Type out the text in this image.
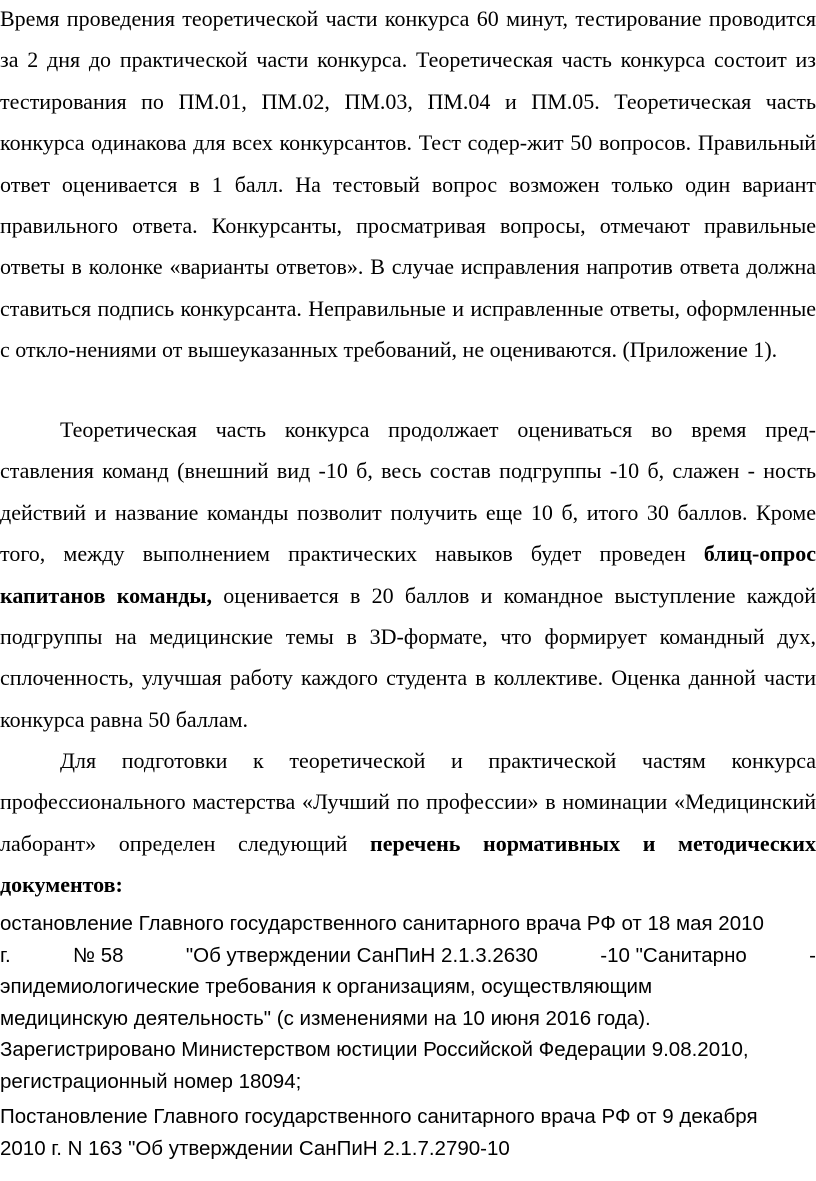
Время проведения теоретической части конкурса 60 минут, тестирование проводится за 2 дня до практической части конкурса. Теоретическая часть конкурса состоит из тестирования по ПМ.01, ПМ.02, ПМ.03, ПМ.04 и ПМ.05. Теоретическая часть конкурса одинакова для всех конкурсантов. Тест содер-жит 50 вопросов. Правильный ответ оценивается в 1 балл. На тестовый вопрос возможен только один вариант правильного ответа. Конкурсанты, просматривая вопросы, отмечают правильные ответы в колонке «варианты ответов». В случае исправления напротив ответа должна ставиться подпись конкурсанта. Неправильные и исправленные ответы, оформленные с откло-нениями от вышеуказанных требований, не оцениваются. (Приложение 1).

Теоретическая часть конкурса продолжает оцениваться во время пред-ставления команд (внешний вид -10 б, весь состав подгруппы -10 б, слажен - ность действий и название команды позволит получить еще 10 б, итого 30 баллов. Кроме того, между выполнением практических навыков будет проведен блиц-опрос капитанов команды, оценивается в 20 баллов и командное выступление каждой подгруппы на медицинские темы в 3D-формате, что формирует командный дух, сплоченность, улучшая работу каждого студента в коллективе. Оценка данной части конкурса равна 50 баллам.

Для подготовки к теоретической и практической частям конкурса профессионального мастерства «Лучший по профессии» в номинации «Медицинский лаборант» определен следующий перечень нормативных и методических документов:

остановление Главного государственного санитарного врача РФ от 18 мая 2010
г.	№ 58	"Об утверждении СанПиН 2.1.3.2630	-10 "Санитарно	-
эпидемиологические требования к организациям, осуществляющим
медицинскую деятельность" (с изменениями на 10 июня 2016 года).
Зарегистрировано Министерством юстиции Российской Федерации 9.08.2010,
регистрационный номер 18094;
Постановление Главного государственного санитарного врача РФ от 9 декабря
2010 г. N 163 "Об утверждении СанПиН 2.1.7.2790-10
